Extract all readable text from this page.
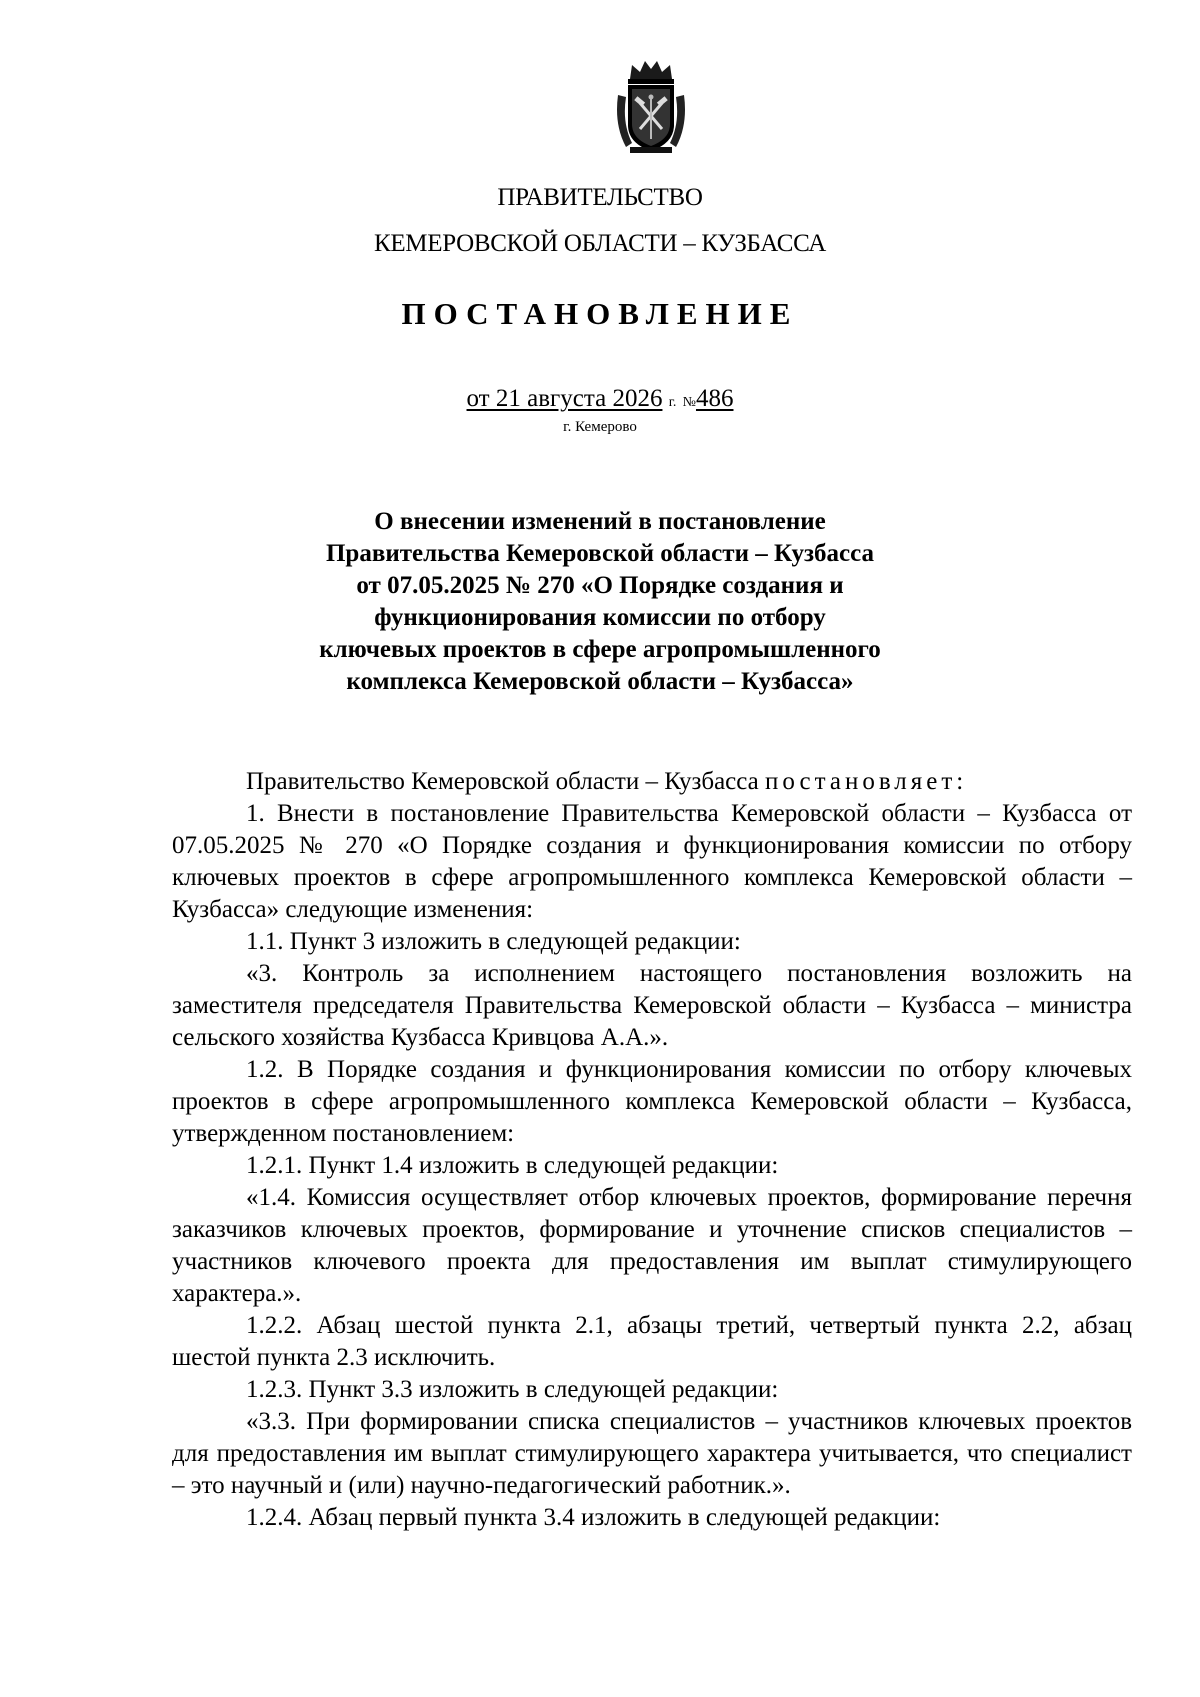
ПРАВИТЕЛЬСТВО
КЕМЕРОВСКОЙ ОБЛАСТИ – КУЗБАССА
ПОСТАНОВЛЕНИЕ
от 21 августа 2026 г. №486
г. Кемерово
О внесении изменений в постановление
Правительства Кемеровской области – Кузбасса
от 07.05.2025 № 270 «О Порядке создания и
функционирования комиссии по отбору
ключевых проектов в сфере агропромышленного
комплекса Кемеровской области – Кузбасса»

Правительство Кемеровской области – Кузбасса постановляет:

1. Внести в постановление Правительства Кемеровской области – Кузбасса от 07.05.2025 № 270 «О Порядке создания и функционирования комиссии по отбору ключевых проектов в сфере агропромышленного комплекса Кемеровской области – Кузбасса» следующие изменения:

1.1. Пункт 3 изложить в следующей редакции:

«3. Контроль за исполнением настоящего постановления возложить на заместителя председателя Правительства Кемеровской области – Кузбасса – министра сельского хозяйства Кузбасса Кривцова А.А.».

1.2. В Порядке создания и функционирования комиссии по отбору ключевых проектов в сфере агропромышленного комплекса Кемеровской области – Кузбасса, утвержденном постановлением:

1.2.1. Пункт 1.4 изложить в следующей редакции:

«1.4. Комиссия осуществляет отбор ключевых проектов, формирование перечня заказчиков ключевых проектов, формирование и уточнение списков специалистов – участников ключевого проекта для предоставления им выплат стимулирующего характера.».

1.2.2. Абзац шестой пункта 2.1, абзацы третий, четвертый пункта 2.2, абзац шестой пункта 2.3 исключить.

1.2.3. Пункт 3.3 изложить в следующей редакции:

«3.3. При формировании списка специалистов – участников ключевых проектов для предоставления им выплат стимулирующего характера учитывается, что специалист – это научный и (или) научно-педагогический работник.».

1.2.4. Абзац первый пункта 3.4 изложить в следующей редакции:
